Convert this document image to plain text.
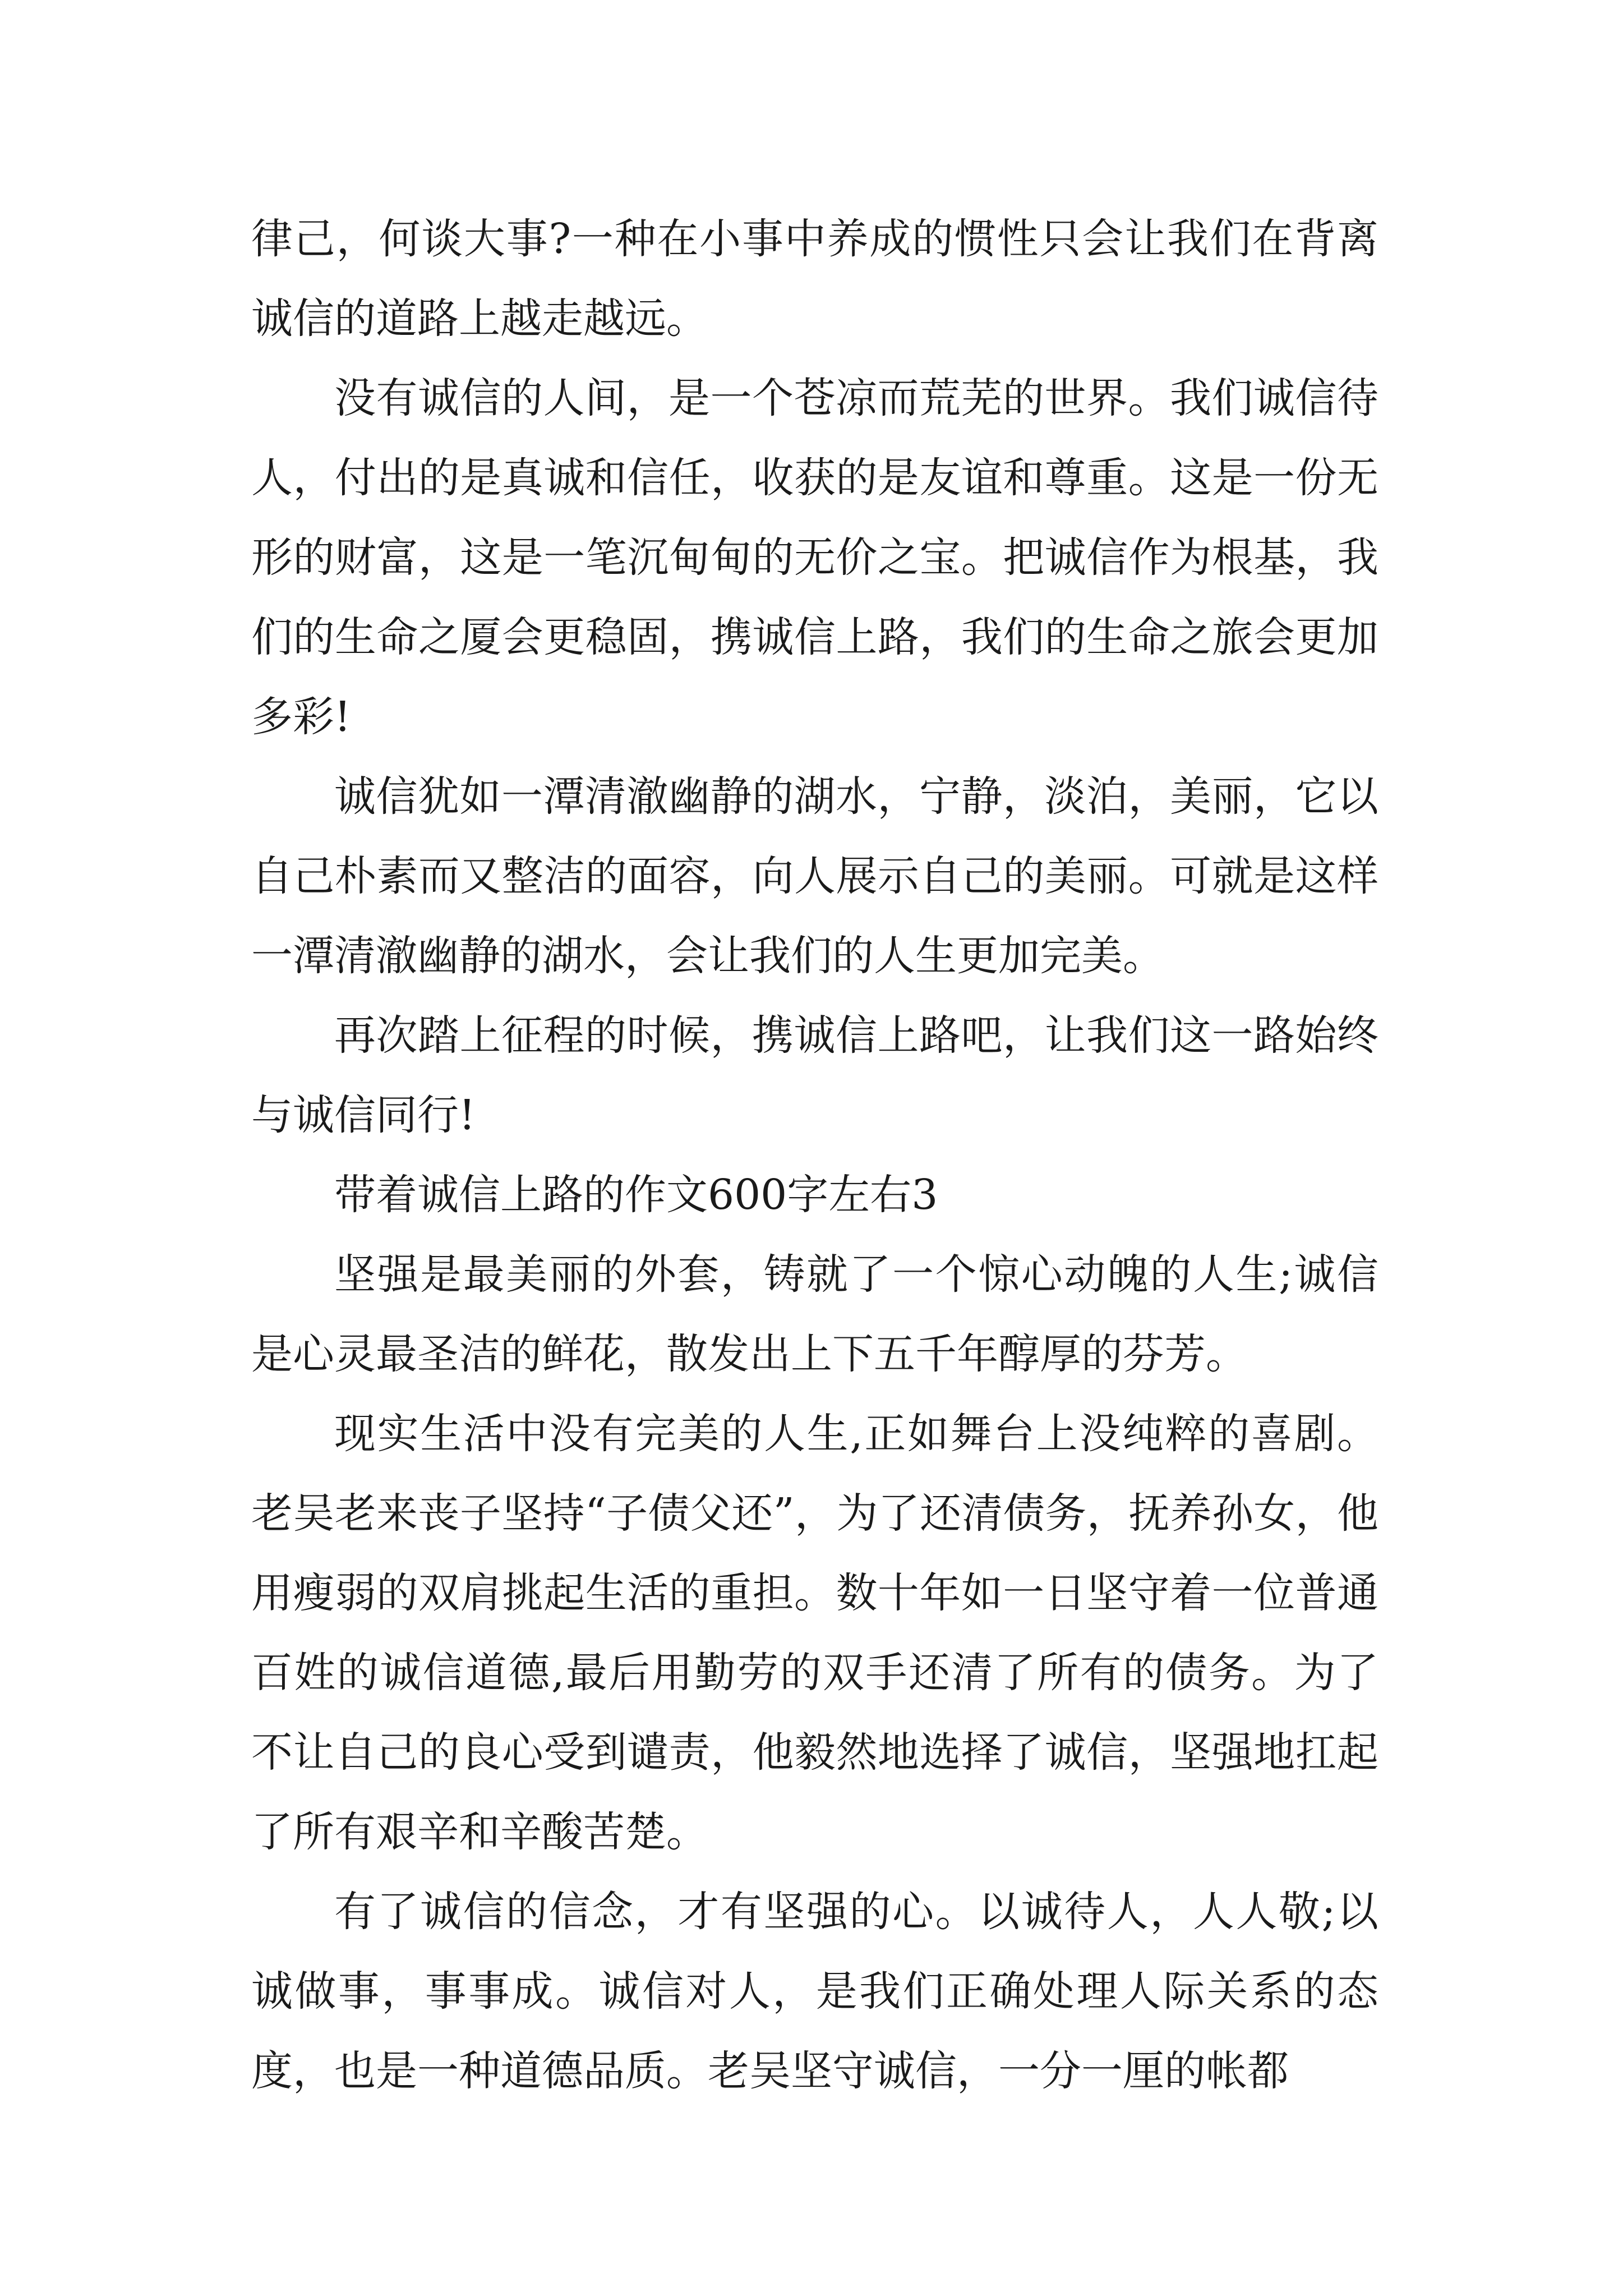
律己，何谈大事?一种在小事中养成的惯性只会让我们在背离诚信的道路上越走越远。

没有诚信的人间，是一个苍凉而荒芜的世界。我们诚信待人，付出的是真诚和信任，收获的是友谊和尊重。这是一份无形的财富，这是一笔沉甸甸的无价之宝。把诚信作为根基，我们的生命之厦会更稳固，携诚信上路，我们的生命之旅会更加多彩!

诚信犹如一潭清澈幽静的湖水，宁静，淡泊，美丽，它以自己朴素而又整洁的面容，向人展示自己的美丽。可就是这样一潭清澈幽静的湖水，会让我们的人生更加完美。

再次踏上征程的时候，携诚信上路吧，让我们这一路始终与诚信同行!

带着诚信上路的作文600字左右3

坚强是最美丽的外套，铸就了一个惊心动魄的人生;诚信是心灵最圣洁的鲜花，散发出上下五千年醇厚的芬芳。

现实生活中没有完美的人生,正如舞台上没纯粹的喜剧。老吴老来丧子坚持“子债父还”，为了还清债务，抚养孙女，他用瘦弱的双肩挑起生活的重担。数十年如一日坚守着一位普通百姓的诚信道德,最后用勤劳的双手还清了所有的债务。为了不让自己的良心受到谴责，他毅然地选择了诚信，坚强地扛起了所有艰辛和辛酸苦楚。

有了诚信的信念，才有坚强的心。以诚待人，人人敬;以诚做事，事事成。诚信对人，是我们正确处理人际关系的态度，也是一种道德品质。老吴坚守诚信，一分一厘的帐都
